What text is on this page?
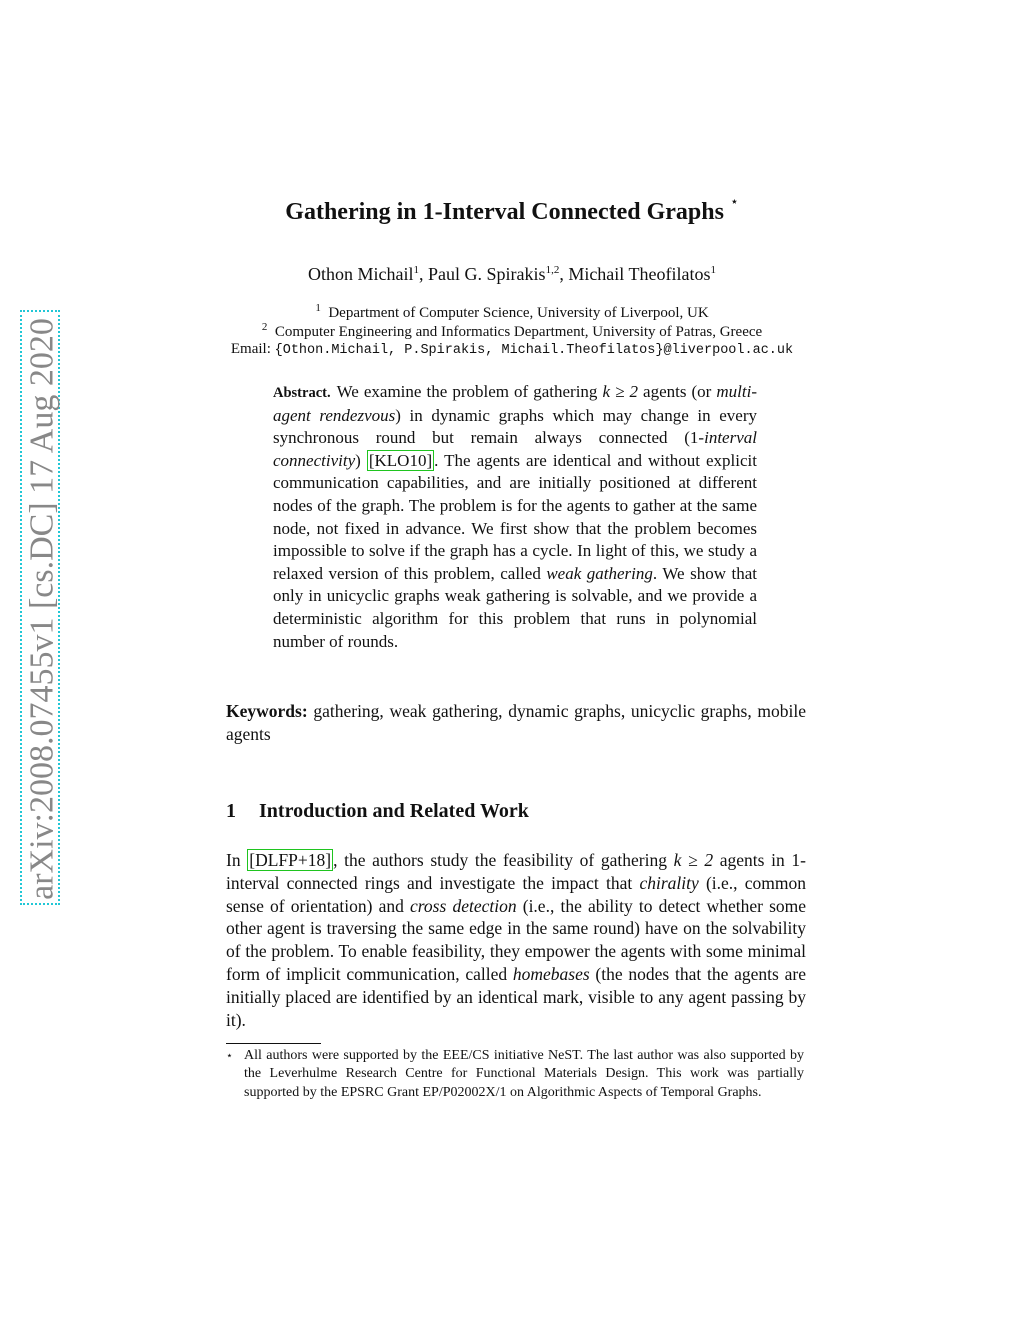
arXiv:2008.07455v1 [cs.DC] 17 Aug 2020
Gathering in 1-Interval Connected Graphs ⋆
Othon Michail$^1$, Paul G. Spirakis$^{1,2}$, Michail Theofilatos$^1$
$^1$ Department of Computer Science, University of Liverpool, UK
$^2$ Computer Engineering and Informatics Department, University of Patras, Greece
Email: {Othon.Michail, P.Spirakis, Michail.Theofilatos}@liverpool.ac.uk
Abstract. We examine the problem of gathering k ≥ 2 agents (or multi-agent rendezvous) in dynamic graphs which may change in every synchronous round but remain always connected (1-interval connectivity) [KLO10] . The agents are identical and without explicit communication capabilities, and are initially positioned at different nodes of the graph. The problem is for the agents to gather at the same node, not fixed in advance. We first show that the problem becomes impossible to solve if the graph has a cycle. In light of this, we study a relaxed version of this problem, called weak gathering. We show that only in unicyclic graphs weak gathering is solvable, and we provide a deterministic algorithm for this problem that runs in polynomial number of rounds.
Keywords: gathering, weak gathering, dynamic graphs, unicyclic graphs, mobile agents
1 Introduction and Related Work
In [DLFP+18] , the authors study the feasibility of gathering k ≥ 2 agents in 1-interval connected rings and investigate the impact that chirality (i.e., common sense of orientation) and cross detection (i.e., the ability to detect whether some other agent is traversing the same edge in the same round) have on the solvability of the problem. To enable feasibility, they empower the agents with some minimal form of implicit communication, called homebases (the nodes that the agents are initially placed are identified by an identical mark, visible to any agent passing by it).
⋆ All authors were supported by the EEE/CS initiative NeST. The last author was also supported by the Leverhulme Research Centre for Functional Materials Design. This work was partially supported by the EPSRC Grant EP/P02002X/1 on Algorithmic Aspects of Temporal Graphs.
